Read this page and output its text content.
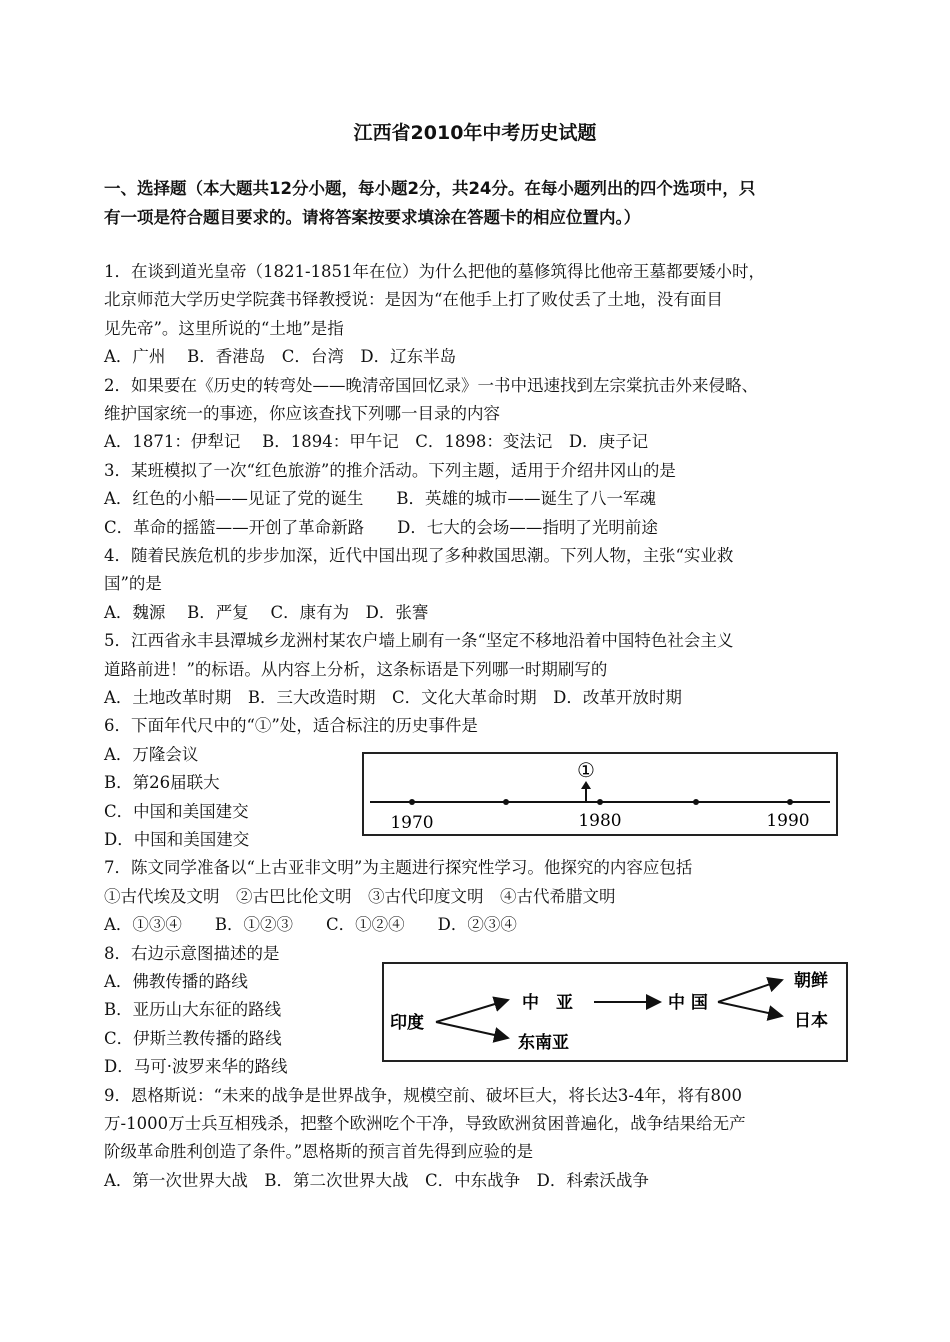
江西省2010年中考历史试题
一、选择题（本大题共12分小题，每小题2分，共24分。在每小题列出的四个选项中，只
有一项是符合题目要求的。请将答案按要求填涂在答题卡的相应位置内。）
1．在谈到道光皇帝（1821-1851年在位）为什么把他的墓修筑得比他帝王墓都要矮小时，
北京师范大学历史学院龚书铎教授说：是因为“在他手上打了败仗丢了土地，没有面目
见先帝”。这里所说的“土地”是指
A．广州　 B．香港岛　C．台湾　D．辽东半岛
2．如果要在《历史的转弯处——晚清帝国回忆录》一书中迅速找到左宗棠抗击外来侵略、
维护国家统一的事迹，你应该查找下列哪一目录的内容
A．1871：伊犁记　 B．1894：甲午记　C．1898：变法记　D．庚子记
3．某班模拟了一次“红色旅游”的推介活动。下列主题，适用于介绍井冈山的是
A．红色的小船——见证了党的诞生　　B．英雄的城市——诞生了八一军魂
C．革命的摇篮——开创了革命新路　　D．七大的会场——指明了光明前途
4．随着民族危机的步步加深，近代中国出现了多种救国思潮。下列人物，主张“实业救
国”的是
A．魏源　 B．严复　 C．康有为　D．张謇
5．江西省永丰县潭城乡龙洲村某农户墙上刷有一条“坚定不移地沿着中国特色社会主义
道路前进！”的标语。从内容上分析，这条标语是下列哪一时期刷写的
A．土地改革时期　B．三大改造时期　C．文化大革命时期　D．改革开放时期
6．下面年代尺中的“①”处，适合标注的历史事件是
A．万隆会议
B．第26届联大
C．中国和美国建交
D．中国和美国建交
7．陈文同学准备以“上古亚非文明”为主题进行探究性学习。他探究的内容应包括
①古代埃及文明　②古巴比伦文明　③古代印度文明　④古代希腊文明
A．①③④　　B．①②③　　C．①②④　　D．②③④
8．右边示意图描述的是
A．佛教传播的路线
B．亚历山大东征的路线
C．伊斯兰教传播的路线
D．马可·波罗来华的路线
9．恩格斯说：“未来的战争是世界战争，规模空前、破坏巨大，将长达3-4年，将有800
万-1000万士兵互相残杀，把整个欧洲吃个干净，导致欧洲贫困普遍化，战争结果给无产
阶级革命胜利创造了条件。”恩格斯的预言首先得到应验的是
A．第一次世界大战　B．第二次世界大战　C．中东战争　D．科索沃战争
①
1970	1980	1990
印度
中　亚
东南亚
中 国
朝鲜
日本
